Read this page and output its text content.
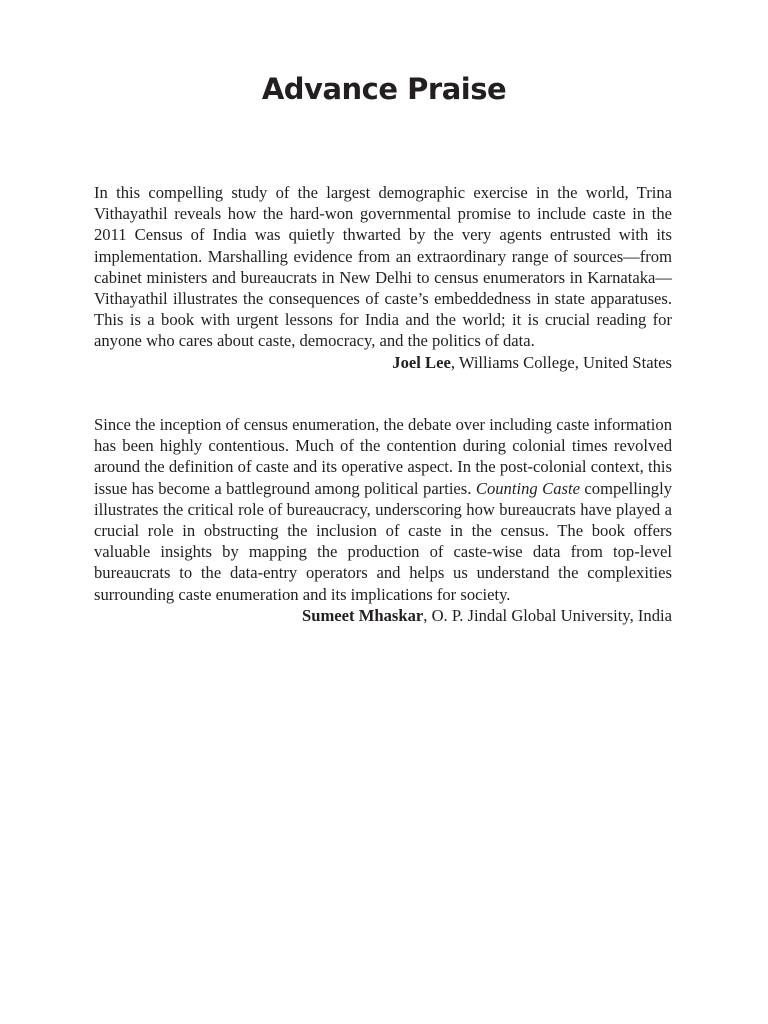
Advance Praise

In this compelling study of the largest demographic exercise in the world, Trina Vithayathil reveals how the hard-won governmental promise to include caste in the 2011 Census of India was quietly thwarted by the very agents entrusted with its implementation. Marshalling evidence from an extraordinary range of sources—from cabinet ministers and bureaucrats in New Delhi to census enumerators in Karnataka—Vithayathil illustrates the consequences of caste’s embeddedness in state apparatuses. This is a book with urgent lessons for India and the world; it is crucial reading for anyone who cares about caste, democracy, and the politics of data.

Joel Lee, Williams College, United States

Since the inception of census enumeration, the debate over including caste information has been highly contentious. Much of the contention during colonial times revolved around the definition of caste and its operative aspect. In the post-colonial context, this issue has become a battleground among political parties. Counting Caste compellingly illustrates the critical role of bureaucracy, underscoring how bureaucrats have played a crucial role in obstructing the inclusion of caste in the census. The book offers valuable insights by mapping the production of caste-wise data from top-level bureaucrats to the data-entry operators and helps us understand the complexities surrounding caste enumeration and its implications for society.

Sumeet Mhaskar, O. P. Jindal Global University, India
